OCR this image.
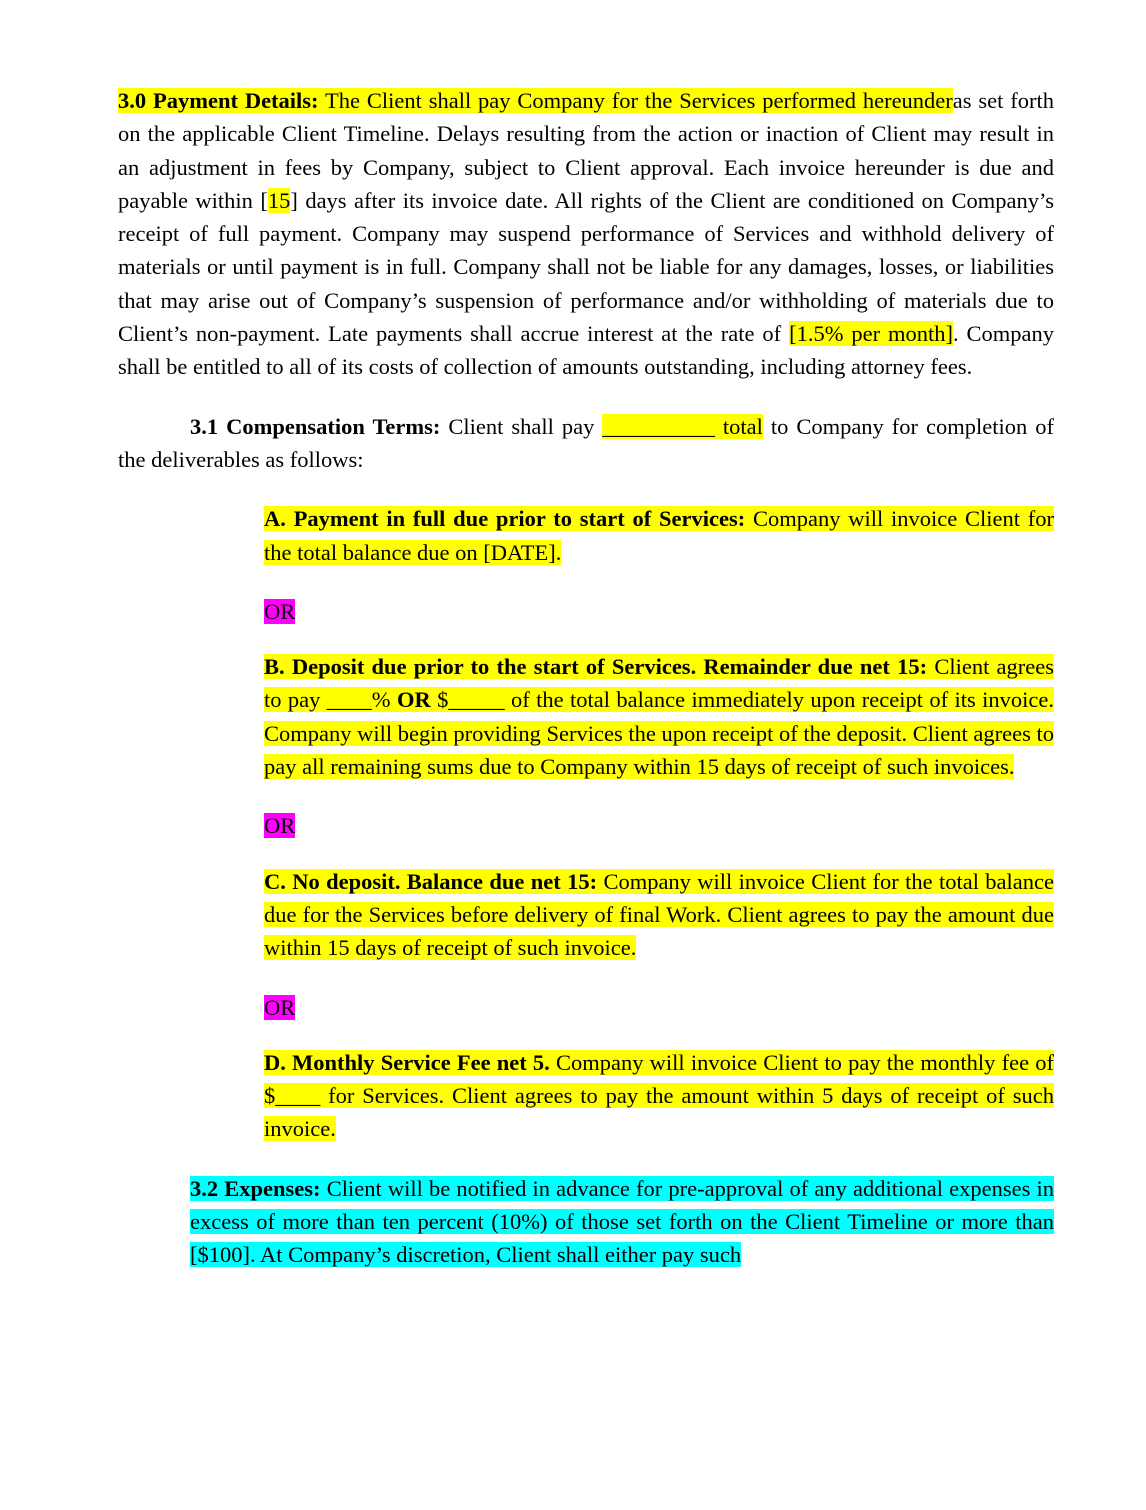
3.0 Payment Details: The Client shall pay Company for the Services performed hereunderas set forth on the applicable Client Timeline. Delays resulting from the action or inaction of Client may result in an adjustment in fees by Company, subject to Client approval. Each invoice hereunder is due and payable within [15] days after its invoice date. All rights of the Client are conditioned on Company’s receipt of full payment. Company may suspend performance of Services and withhold delivery of materials or until payment is in full. Company shall not be liable for any damages, losses, or liabilities that may arise out of Company’s suspension of performance and/or withholding of materials due to Client’s non-payment. Late payments shall accrue interest at the rate of [1.5% per month]. Company shall be entitled to all of its costs of collection of amounts outstanding, including attorney fees.

3.1 Compensation Terms: Client shall pay __________ total to Company for completion of the deliverables as follows:

A. Payment in full due prior to start of Services: Company will invoice Client for the total balance due on [DATE].

OR

B. Deposit due prior to the start of Services. Remainder due net 15: Client agrees to pay ____% OR $_____ of the total balance immediately upon receipt of its invoice. Company will begin providing Services the upon receipt of the deposit. Client agrees to pay all remaining sums due to Company within 15 days of receipt of such invoices.

OR

C. No deposit. Balance due net 15: Company will invoice Client for the total balance due for the Services before delivery of final Work. Client agrees to pay the amount due within 15 days of receipt of such invoice.

OR

D. Monthly Service Fee net 5. Company will invoice Client to pay the monthly fee of $____ for Services. Client agrees to pay the amount within 5 days of receipt of such invoice.

3.2 Expenses: Client will be notified in advance for pre-approval of any additional expenses in excess of more than ten percent (10%) of those set forth on the Client Timeline or more than [$100]. At Company’s discretion, Client shall either pay such
